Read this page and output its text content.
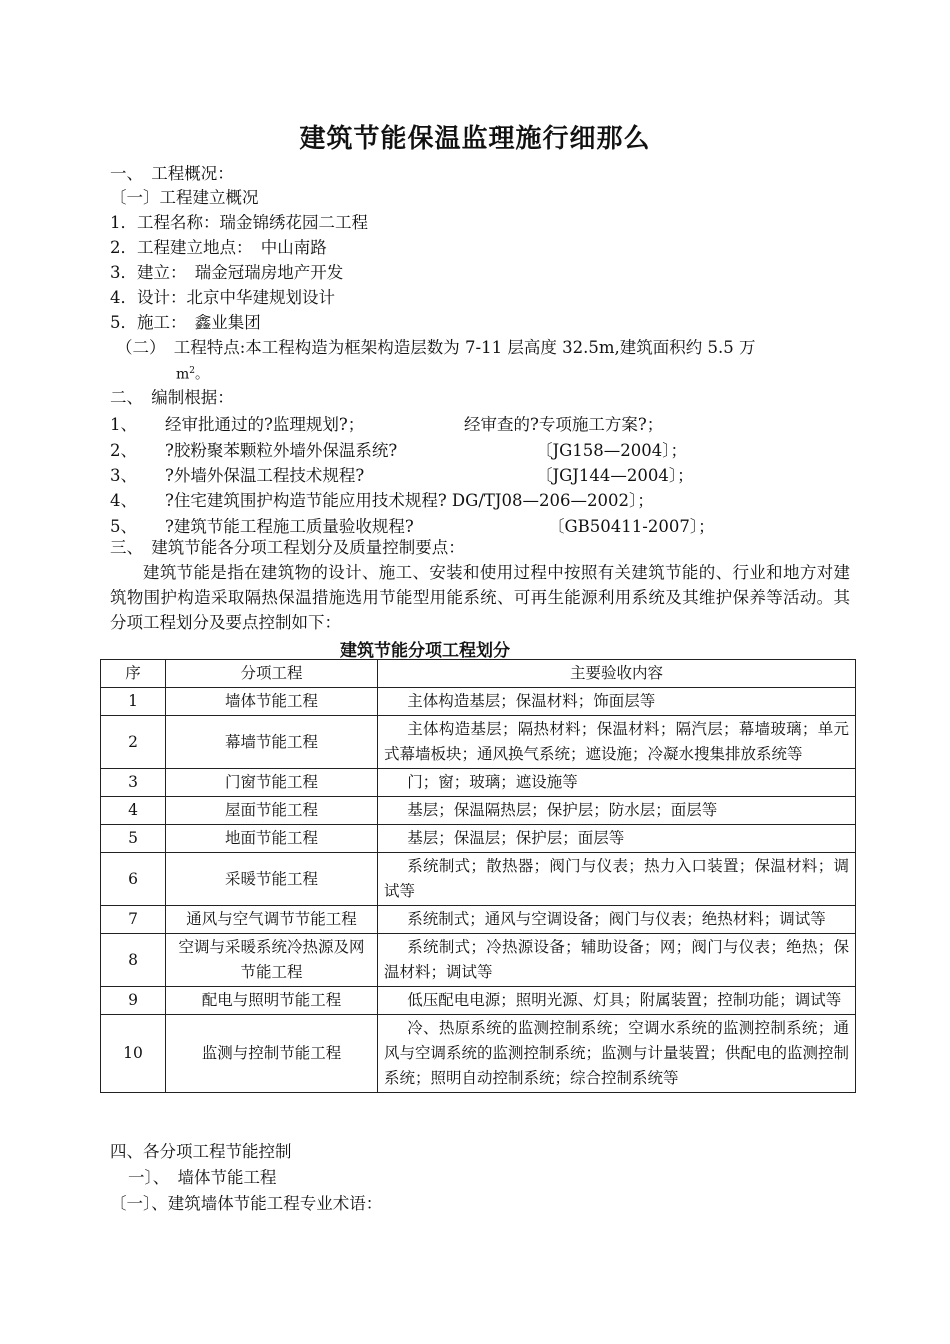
建筑节能保温监理施行细那么
一、　工程概况：
〔一〕工程建立概况
1．工程名称：瑞金锦绣花园二工程
2．工程建立地点：　中山南路
3．建立：　瑞金冠瑞房地产开发
4．设计：北京中华建规划设计
5．施工：　鑫业集团
（二）　工程特点:本工程构造为框架构造层数为 7-11 层高度 32.5m,建筑面积约 5.5 万
$m^2$。
二、　编制根据：
1、 经审批通过的?监理规划?；	经审查的?专项施工方案?；
2、 ?胶粉聚苯颗粒外墙外保温系统?	〔JG158—2004〕；
3、 ?外墙外保温工程技术规程?	〔JGJ144—2004〕；
4、 ?住宅建筑围护构造节能应用技术规程? DG/TJ08—206—2002〕；
5、 ?建筑节能工程施工质量验收规程?	〔GB50411-2007〕；
三、　建筑节能各分项工程划分及质量控制要点：
建筑节能是指在建筑物的设计、施工、安装和使用过程中按照有关建筑节能的、行业和地方对建筑物围护构造采取隔热保温措施选用节能型用能系统、可再生能源利用系统及其维护保养等活动。其分项工程划分及要点控制如下：
建筑节能分项工程划分
序	分项工程	主要验收内容
1	墙体节能工程	主体构造基层；保温材料；饰面层等
2	幕墙节能工程	主体构造基层；隔热材料；保温材料；隔汽层；幕墙玻璃；单元式幕墙板块；通风换气系统；遮设施；冷凝水搜集排放系统等
3	门窗节能工程	门；窗；玻璃；遮设施等
4	屋面节能工程	基层；保温隔热层；保护层；防水层；面层等
5	地面节能工程	基层；保温层；保护层；面层等
6	采暖节能工程	系统制式；散热器；阀门与仪表；热力入口装置；保温材料；调试等
7	通风与空气调节节能工程	系统制式；通风与空调设备；阀门与仪表；绝热材料；调试等
8	空调与采暖系统冷热源及网节能工程	系统制式；冷热源设备；辅助设备；网；阀门与仪表；绝热；保温材料；调试等
9	配电与照明节能工程	低压配电电源；照明光源、灯具；附属装置；控制功能；调试等
10	监测与控制节能工程	冷、热原系统的监测控制系统；空调水系统的监测控制系统；通风与空调系统的监测控制系统；监测与计量装置；供配电的监测控制系统；照明自动控制系统；综合控制系统等
四、各分项工程节能控制
一〕、　墙体节能工程
〔一〕、建筑墙体节能工程专业术语：
